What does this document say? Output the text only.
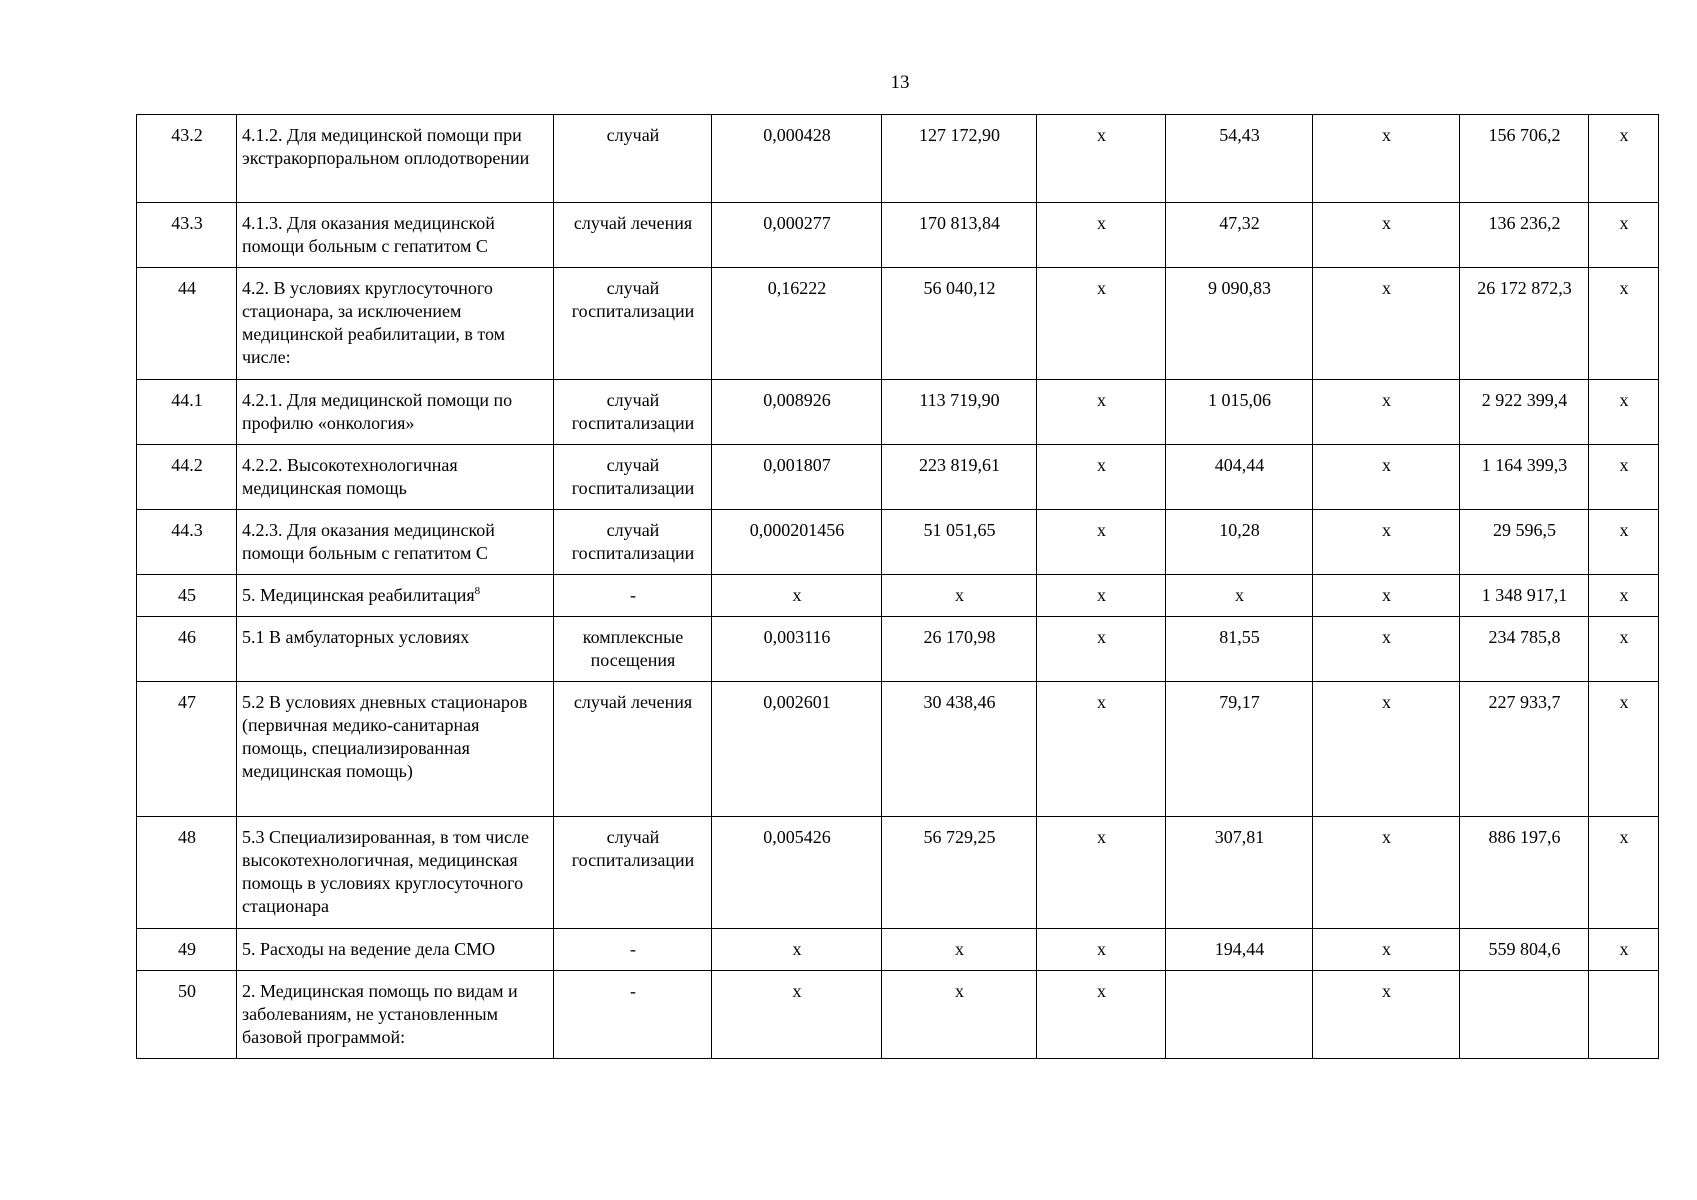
13
43.2	4.1.2. Для медицинской помощи при экстракорпоральном оплодотворении	случай	0,000428	127 172,90	х	54,43	х	156 706,2	х
43.3	4.1.3. Для оказания медицинской помощи больным с гепатитом С	случай лечения	0,000277	170 813,84	х	47,32	х	136 236,2	х
44	4.2. В условиях круглосуточного стационара, за исключением медицинской реабилитации, в том числе:	случай госпитализации	0,16222	56 040,12	х	9 090,83	х	26 172 872,3	х
44.1	4.2.1. Для медицинской помощи по профилю «онкология»	случай госпитализации	0,008926	113 719,90	х	1 015,06	х	2 922 399,4	х
44.2	4.2.2. Высокотехнологичная медицинская помощь	случай госпитализации	0,001807	223 819,61	х	404,44	х	1 164 399,3	х
44.3	4.2.3. Для оказания медицинской помощи больным с гепатитом С	случай госпитализации	0,000201456	51 051,65	х	10,28	х	29 596,5	х
45	5. Медицинская реабилитация$^8$	-	х	х	х	х	х	1 348 917,1	х
46	5.1 В амбулаторных условиях	комплексные посещения	0,003116	26 170,98	х	81,55	х	234 785,8	х
47	5.2 В условиях дневных стационаров (первичная медико-санитарная помощь, специализированная медицинская помощь)	случай лечения	0,002601	30 438,46	х	79,17	х	227 933,7	х
48	5.3 Специализированная, в том числе высокотехнологичная, медицинская помощь в условиях круглосуточного стационара	случай госпитализации	0,005426	56 729,25	х	307,81	х	886 197,6	х
49	5. Расходы на ведение дела СМО	-	х	х	х	194,44	х	559 804,6	х
50	2. Медицинская помощь по видам и заболеваниям, не установленным базовой программой:	-	х	х	х		х		
